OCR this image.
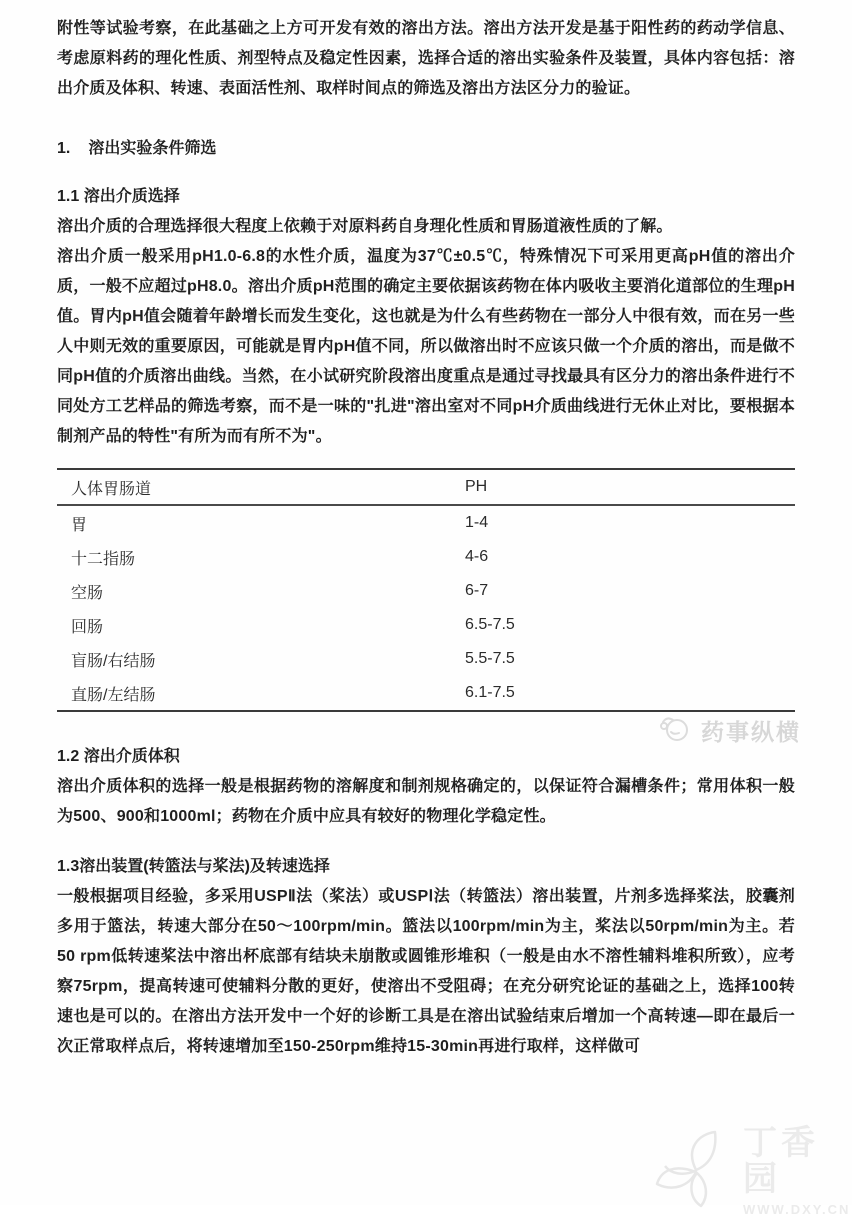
附性等试验考察，在此基础之上方可开发有效的溶出方法。溶出方法开发是基于阳性药的药动学信息、考虑原料药的理化性质、剂型特点及稳定性因素，选择合适的溶出实验条件及装置，具体内容包括：溶出介质及体积、转速、表面活性剂、取样时间点的筛选及溶出方法区分力的验证。

1. 溶出实验条件筛选

1.1 溶出介质选择

溶出介质的合理选择很大程度上依赖于对原料药自身理化性质和胃肠道液性质的了解。

溶出介质一般采用pH1.0-6.8的水性介质，温度为37℃±0.5℃，特殊情况下可采用更高pH值的溶出介质，一般不应超过pH8.0。溶出介质pH范围的确定主要依据该药物在体内吸收主要消化道部位的生理pH值。胃内pH值会随着年龄增长而发生变化，这也就是为什么有些药物在一部分人中很有效，而在另一些人中则无效的重要原因，可能就是胃内pH值不同，所以做溶出时不应该只做一个介质的溶出，而是做不同pH值的介质溶出曲线。当然，在小试研究阶段溶出度重点是通过寻找最具有区分力的溶出条件进行不同处方工艺样品的筛选考察，而不是一味的"扎进"溶出室对不同pH介质曲线进行无休止对比，要根据本制剂产品的特性"有所为而有所不为"。

人体胃肠道	PH
胃	1-4
十二指肠	4-6
空肠	6-7
回肠	6.5-7.5
盲肠/右结肠	5.5-7.5
直肠/左结肠	6.1-7.5

1.2 溶出介质体积

溶出介质体积的选择一般是根据药物的溶解度和制剂规格确定的，以保证符合漏槽条件；常用体积一般为500、900和1000ml；药物在介质中应具有较好的物理化学稳定性。

1.3溶出装置(转篮法与桨法)及转速选择

一般根据项目经验，多采用USPⅡ法（桨法）或USPⅠ法（转篮法）溶出装置，片剂多选择桨法，胶囊剂多用于篮法，转速大部分在50～100rpm/min。篮法以100rpm/min为主，桨法以50rpm/min为主。若50 rpm低转速桨法中溶出杯底部有结块未崩散或圆锥形堆积（一般是由水不溶性辅料堆积所致），应考察75rpm，提高转速可使辅料分散的更好，使溶出不受阻碍；在充分研究论证的基础之上，选择100转速也是可以的。在溶出方法开发中一个好的诊断工具是在溶出试验结束后增加一个高转速—即在最后一次正常取样点后，将转速增加至150-250rpm维持15-30min再进行取样，这样做可

药事纵横
丁香园
WWW.DXY.CN
